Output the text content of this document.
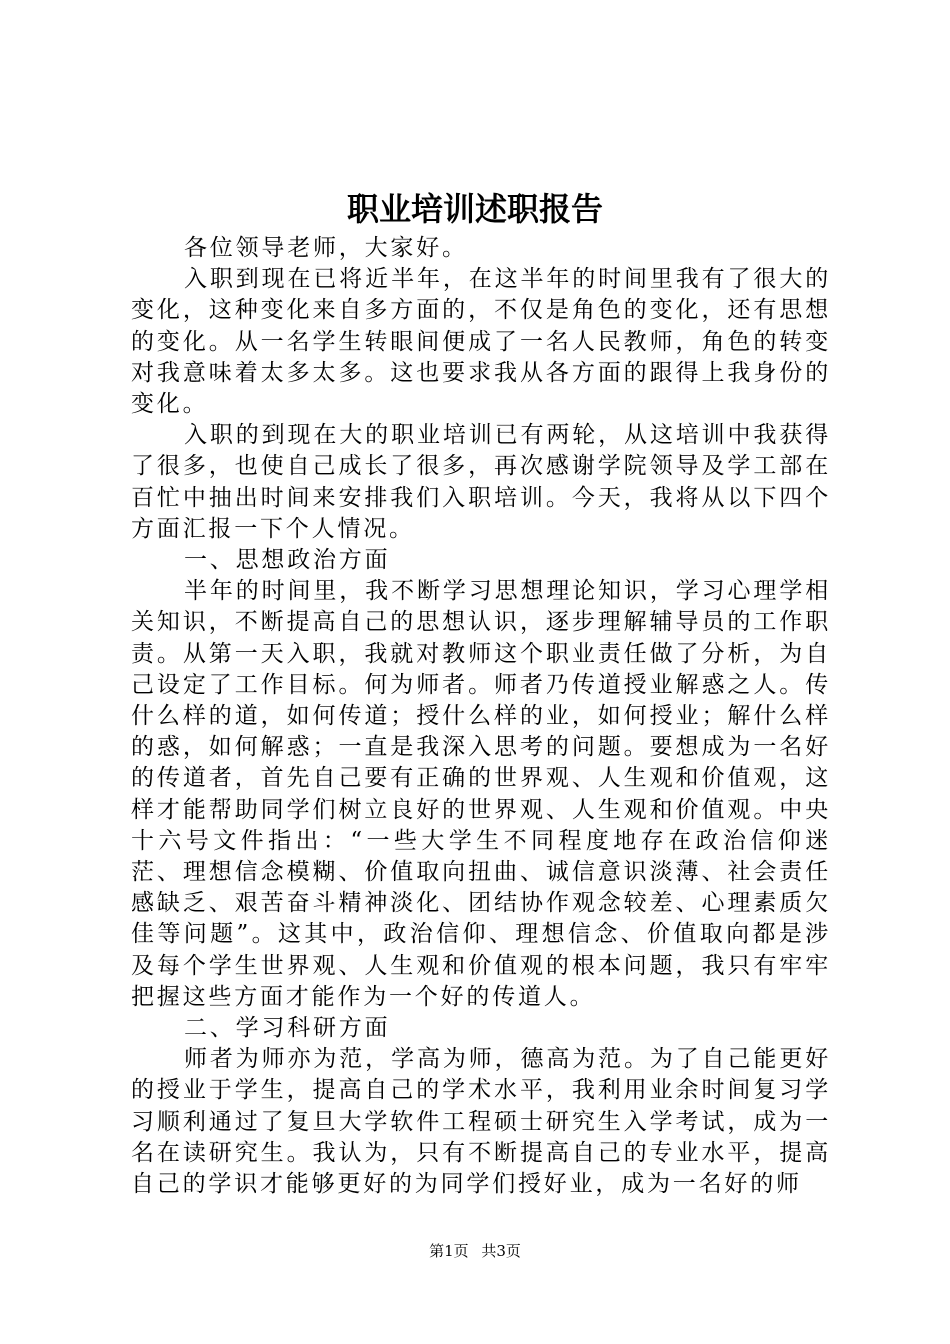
职业培训述职报告

各位领导老师，大家好。

入职到现在已将近半年，在这半年的时间里我有了很大的变化，这种变化来自多方面的，不仅是角色的变化，还有思想的变化。从一名学生转眼间便成了一名人民教师，角色的转变对我意味着太多太多。这也要求我从各方面的跟得上我身份的变化。

入职的到现在大的职业培训已有两轮，从这培训中我获得了很多，也使自己成长了很多，再次感谢学院领导及学工部在百忙中抽出时间来安排我们入职培训。今天，我将从以下四个方面汇报一下个人情况。

一、思想政治方面

半年的时间里，我不断学习思想理论知识，学习心理学相关知识，不断提高自己的思想认识，逐步理解辅导员的工作职责。从第一天入职，我就对教师这个职业责任做了分析，为自己设定了工作目标。何为师者。师者乃传道授业解惑之人。传什么样的道，如何传道；授什么样的业，如何授业；解什么样的惑，如何解惑；一直是我深入思考的问题。要想成为一名好的传道者，首先自己要有正确的世界观、人生观和价值观，这样才能帮助同学们树立良好的世界观、人生观和价值观。中央十六号文件指出：“一些大学生不同程度地存在政治信仰迷茫、理想信念模糊、价值取向扭曲、诚信意识淡薄、社会责任感缺乏、艰苦奋斗精神淡化、团结协作观念较差、心理素质欠佳等问题”。这其中，政治信仰、理想信念、价值取向都是涉及每个学生世界观、人生观和价值观的根本问题，我只有牢牢把握这些方面才能作为一个好的传道人。

二、学习科研方面

师者为师亦为范，学高为师，德高为范。为了自己能更好的授业于学生，提高自己的学术水平，我利用业余时间复习学习顺利通过了复旦大学软件工程硕士研究生入学考试，成为一名在读研究生。我认为，只有不断提高自己的专业水平，提高自己的学识才能够更好的为同学们授好业，成为一名好的师

第1页 共3页
